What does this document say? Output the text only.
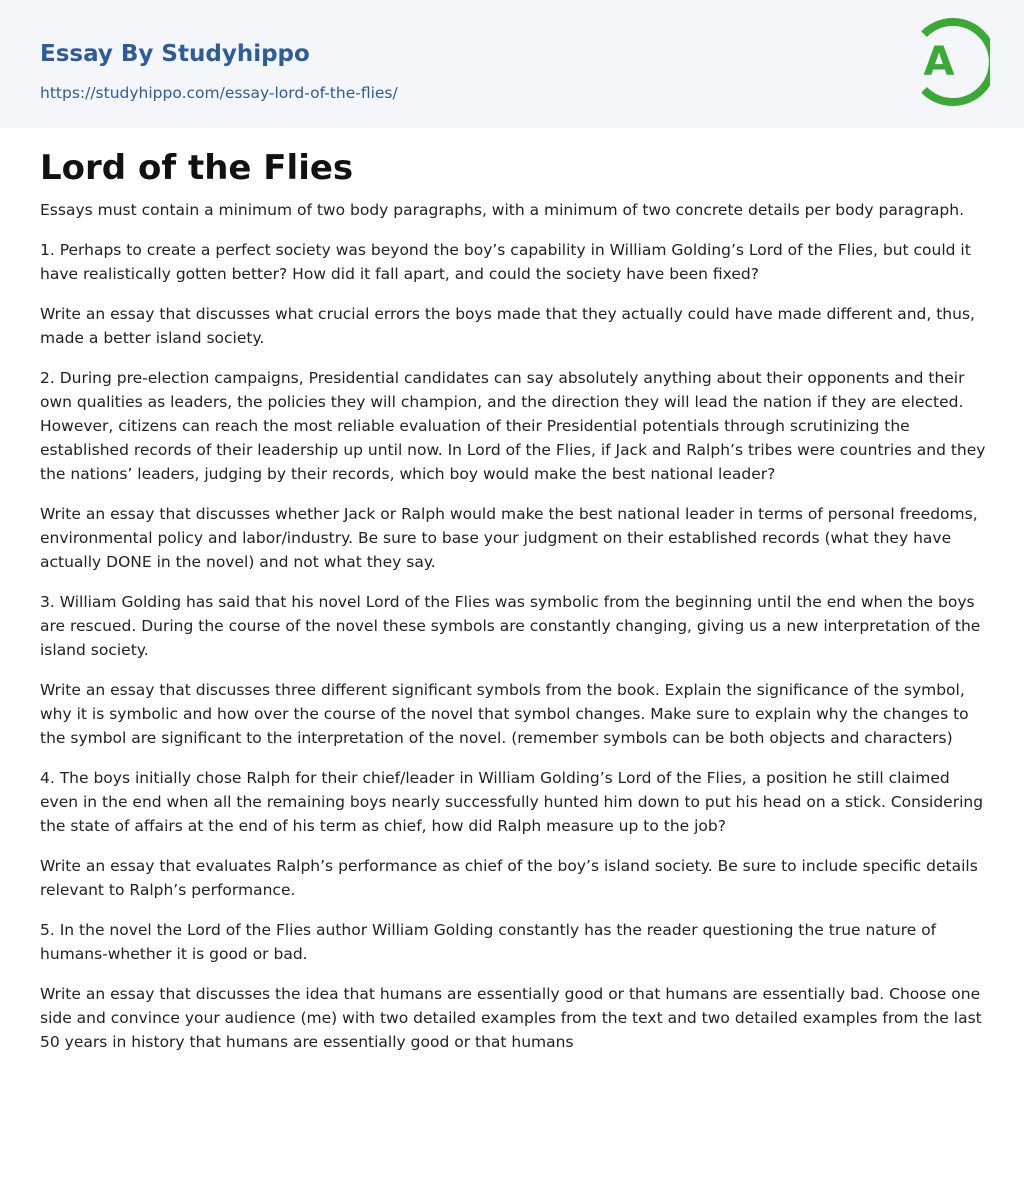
Essay By Studyhippo
https://studyhippo.com/essay-lord-of-the-flies/
A
Lord of the Flies

Essays must contain a minimum of two body paragraphs, with a minimum of two concrete details per body paragraph.

1. Perhaps to create a perfect society was beyond the boy’s capability in William Golding’s Lord of the Flies, but could it have realistically gotten better? How did it fall apart, and could the society have been fixed?

Write an essay that discusses what crucial errors the boys made that they actually could have made different and, thus, made a better island society.

2. During pre-election campaigns, Presidential candidates can say absolutely anything about their opponents and their own qualities as leaders, the policies they will champion, and the direction they will lead the nation if they are elected. However, citizens can reach the most reliable evaluation of their Presidential potentials through scrutinizing the established records of their leadership up until now. In Lord of the Flies, if Jack and Ralph’s tribes were countries and they the nations’ leaders, judging by their records, which boy would make the best national leader?

Write an essay that discusses whether Jack or Ralph would make the best national leader in terms of personal freedoms, environmental policy and labor/industry. Be sure to base your judgment on their established records (what they have actually DONE in the novel) and not what they say.

3. William Golding has said that his novel Lord of the Flies was symbolic from the beginning until the end when the boys are rescued. During the course of the novel these symbols are constantly changing, giving us a new interpretation of the island society.

Write an essay that discusses three different significant symbols from the book. Explain the significance of the symbol, why it is symbolic and how over the course of the novel that symbol changes. Make sure to explain why the changes to the symbol are significant to the interpretation of the novel. (remember symbols can be both objects and characters)

4. The boys initially chose Ralph for their chief/leader in William Golding’s Lord of the Flies, a position he still claimed even in the end when all the remaining boys nearly successfully hunted him down to put his head on a stick. Considering the state of affairs at the end of his term as chief, how did Ralph measure up to the job?

Write an essay that evaluates Ralph’s performance as chief of the boy’s island society. Be sure to include specific details relevant to Ralph’s performance.

5. In the novel the Lord of the Flies author William Golding constantly has the reader questioning the true nature of humans-whether it is good or bad.

Write an essay that discusses the idea that humans are essentially good or that humans are essentially bad. Choose one side and convince your audience (me) with two detailed examples from the text and two detailed examples from the last 50 years in history that humans are essentially good or that humans
